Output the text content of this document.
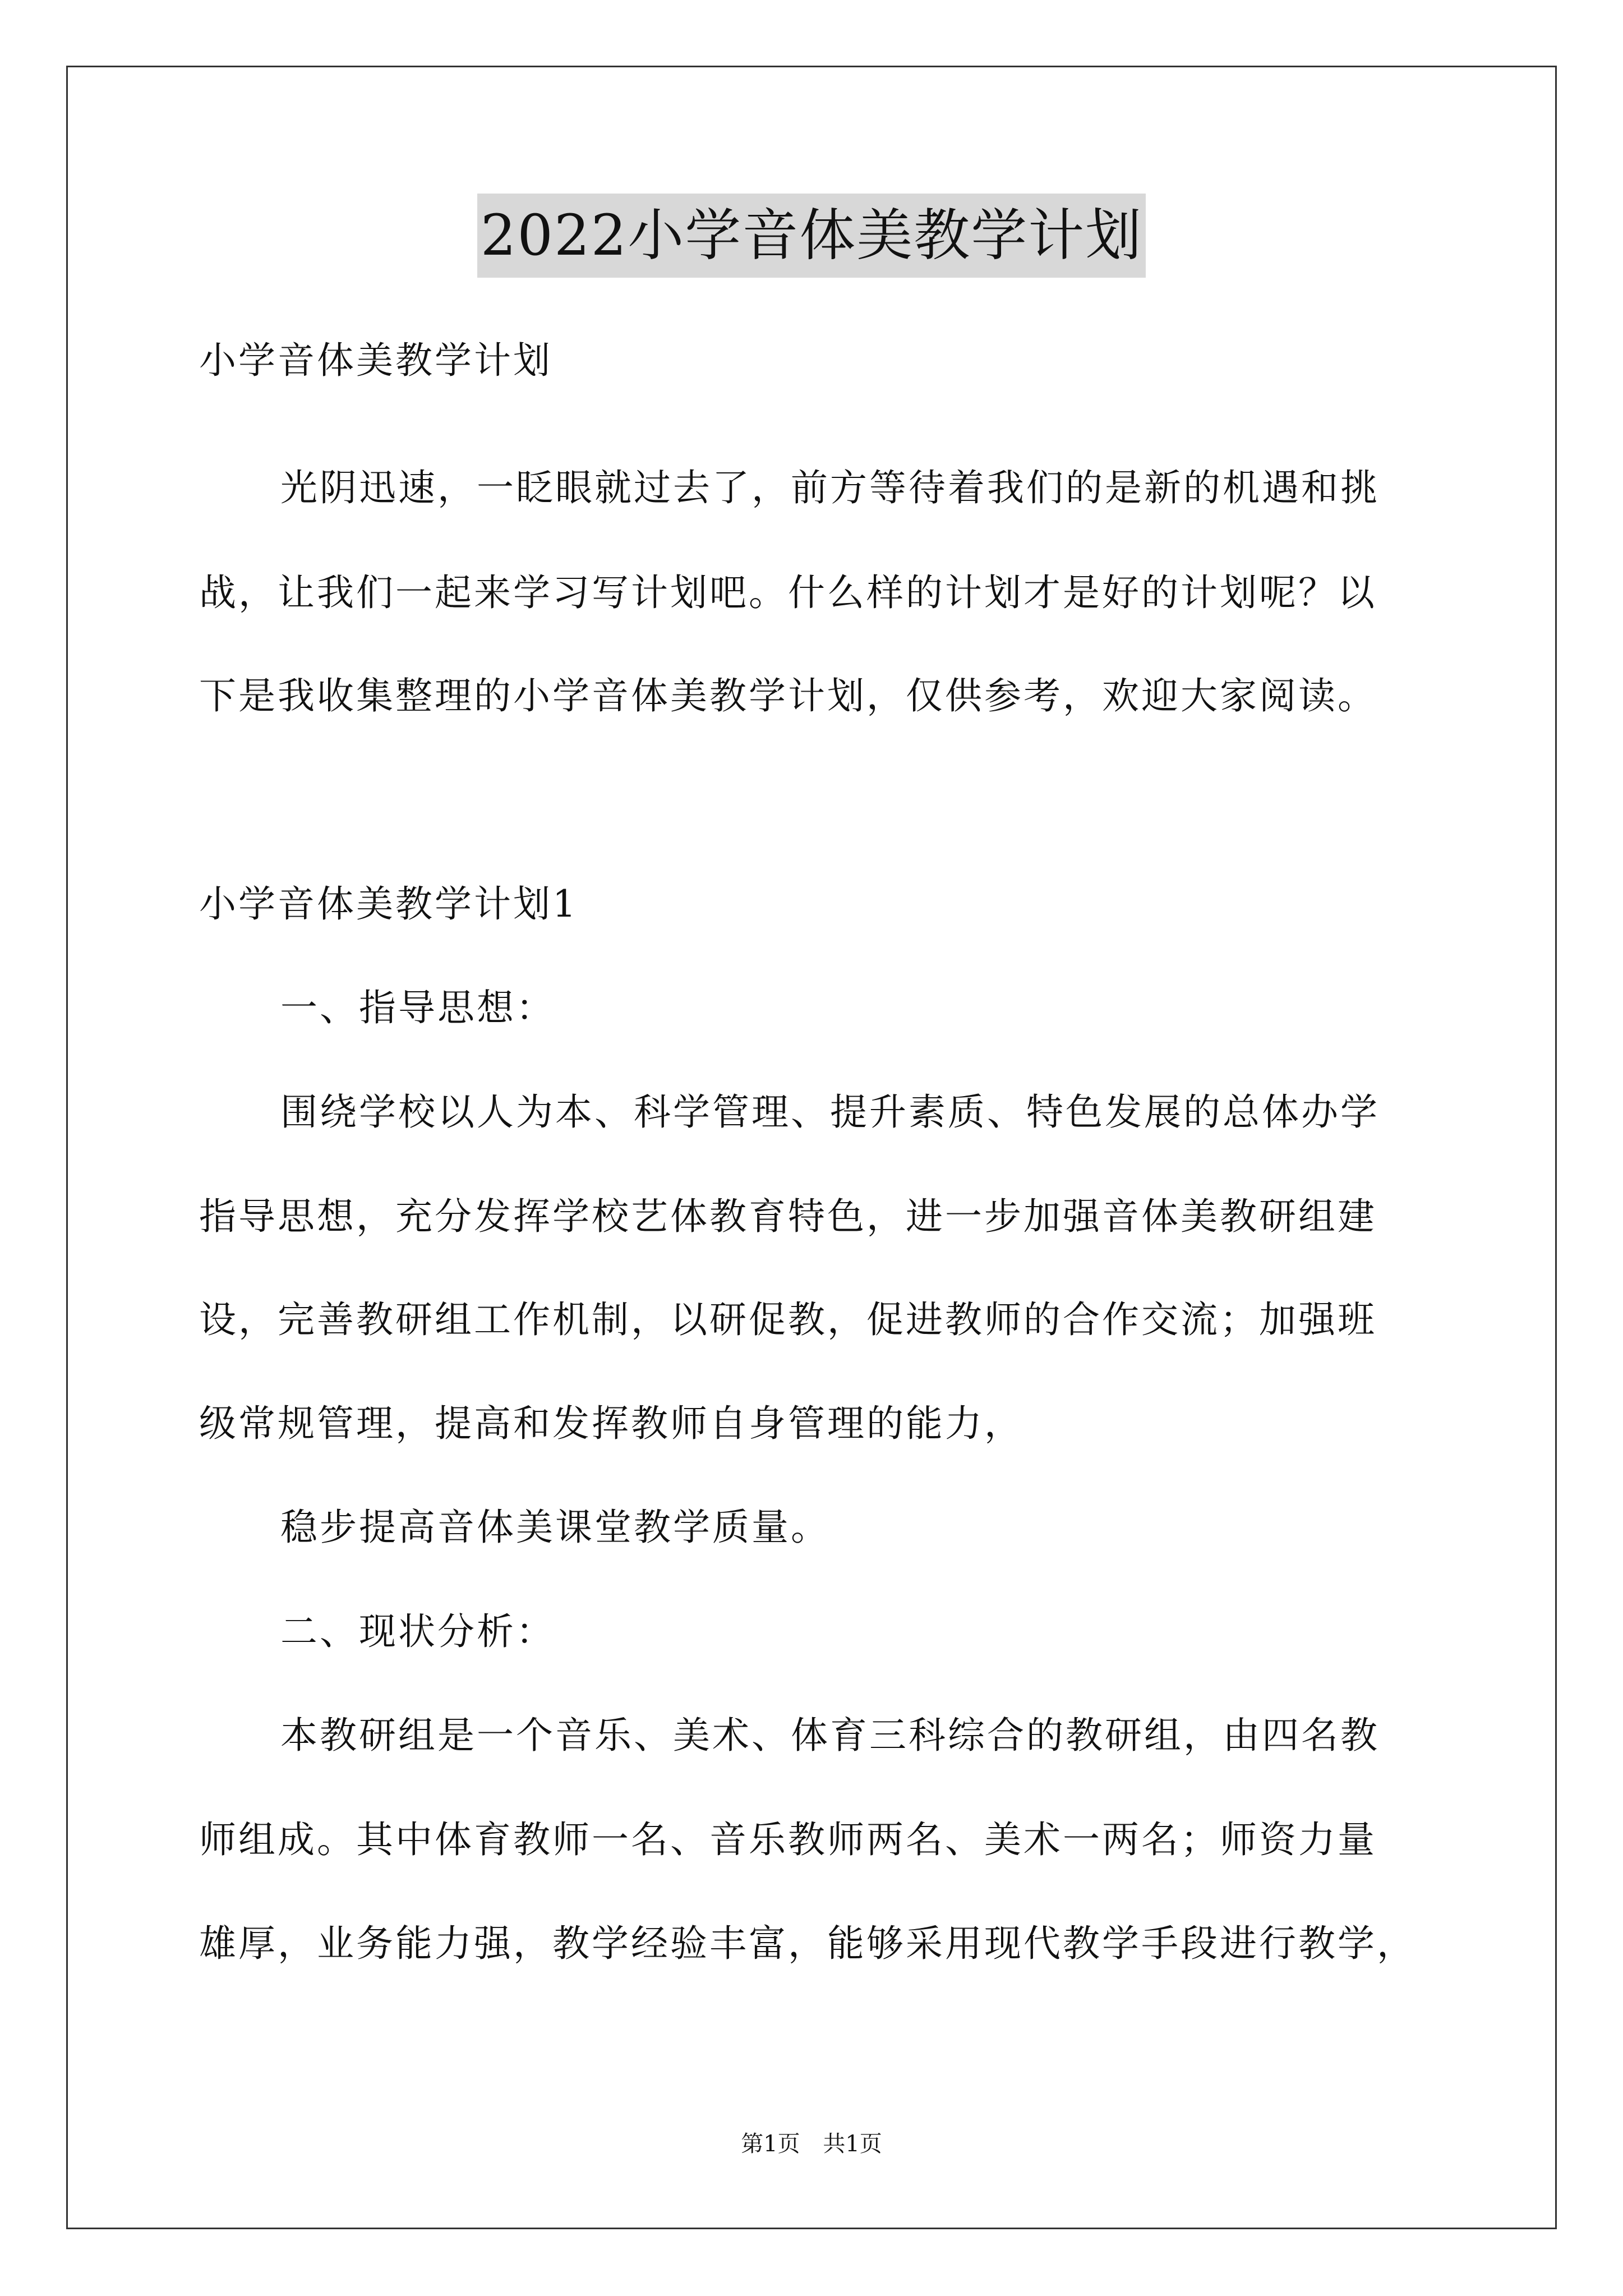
2022小学音体美教学计划
小学音体美教学计划
光阴迅速，一眨眼就过去了，前方等待着我们的是新的机遇和挑
战，让我们一起来学习写计划吧。什么样的计划才是好的计划呢？以
下是我收集整理的小学音体美教学计划，仅供参考，欢迎大家阅读。
小学音体美教学计划1
一、指导思想：
围绕学校以人为本、科学管理、提升素质、特色发展的总体办学
指导思想，充分发挥学校艺体教育特色，进一步加强音体美教研组建
设，完善教研组工作机制，以研促教，促进教师的合作交流；加强班
级常规管理，提高和发挥教师自身管理的能力，
稳步提高音体美课堂教学质量。
二、现状分析：
本教研组是一个音乐、美术、体育三科综合的教研组，由四名教
师组成。其中体育教师一名、音乐教师两名、美术一两名；师资力量
雄厚，业务能力强，教学经验丰富，能够采用现代教学手段进行教学，
第1页 共1页
